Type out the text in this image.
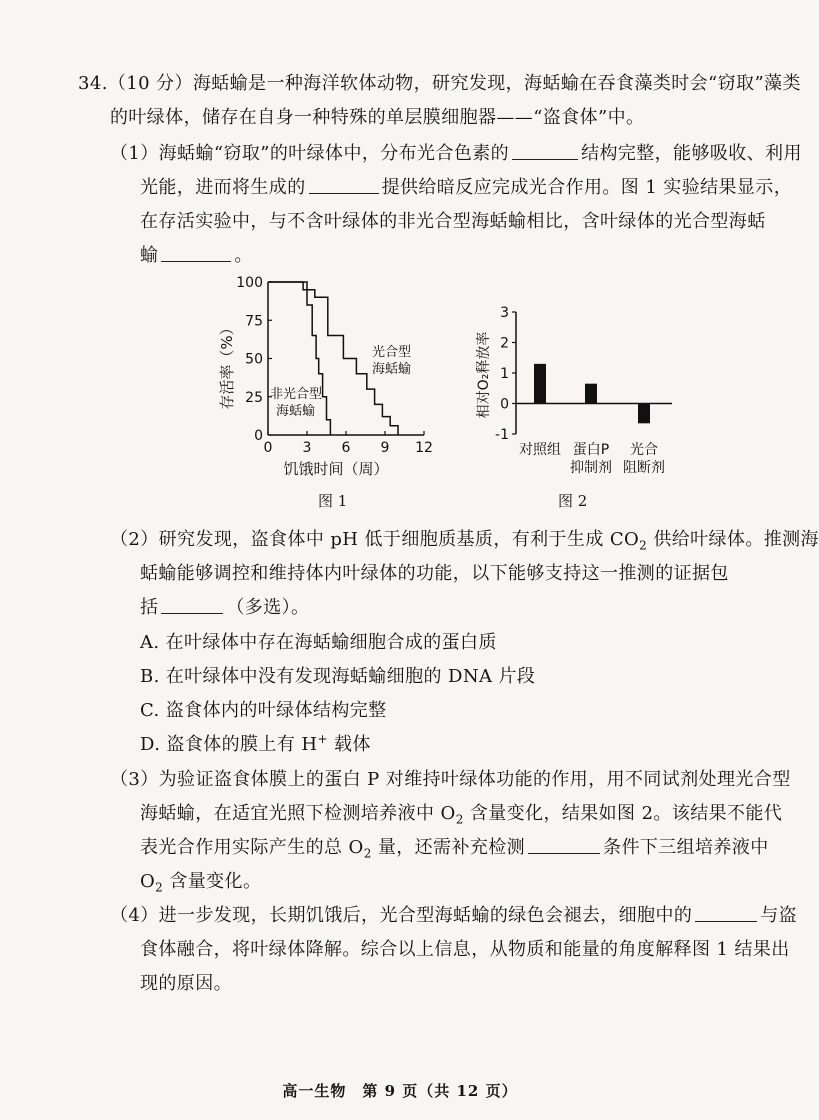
34.（10 分）海蛞蝓是一种海洋软体动物，研究发现，海蛞蝓在吞食藻类时会“窃取”藻类
的叶绿体，储存在自身一种特殊的单层膜细胞器——“盗食体”中。
（1）海蛞蝓“窃取”的叶绿体中，分布光合色素的	结构完整，能够吸收、利用
光能，进而将生成的	提供给暗反应完成光合作用。图 1 实验结果显示，
在存活实验中，与不含叶绿体的非光合型海蛞蝓相比，含叶绿体的光合型海蛞
蝓	。
0 3 6 9 12
0
25
50
75
100
存活率（%）
饥饿时间（周）
光合型
海蛞蝓
非光合型
海蛞蝓
图 1
-1
0
1
2
3
相对O₂释放率
对照组 蛋白P
抑制剂
光合
阻断剂
图 2
（2）研究发现，盗食体中 pH 低于细胞质基质，有利于生成 $CO_2$ 供给叶绿体。推测海
蛞蝓能够调控和维持体内叶绿体的功能，以下能够支持这一推测的证据包
括	（多选）。
A. 在叶绿体中存在海蛞蝓细胞合成的蛋白质
B. 在叶绿体中没有发现海蛞蝓细胞的 DNA 片段
C. 盗食体内的叶绿体结构完整
D. 盗食体的膜上有 H+ 载体
（3）为验证盗食体膜上的蛋白 P 对维持叶绿体功能的作用，用不同试剂处理光合型
海蛞蝓，在适宜光照下检测培养液中 $O_2$ 含量变化，结果如图 2。该结果不能代
表光合作用实际产生的总 $O_2$ 量，还需补充检测	条件下三组培养液中
$O_2$ 含量变化。
（4）进一步发现，长期饥饿后，光合型海蛞蝓的绿色会褪去，细胞中的	与盗
食体融合，将叶绿体降解。综合以上信息，从物质和能量的角度解释图 1 结果出
现的原因。
高一生物　第 9 页（共 12 页）
